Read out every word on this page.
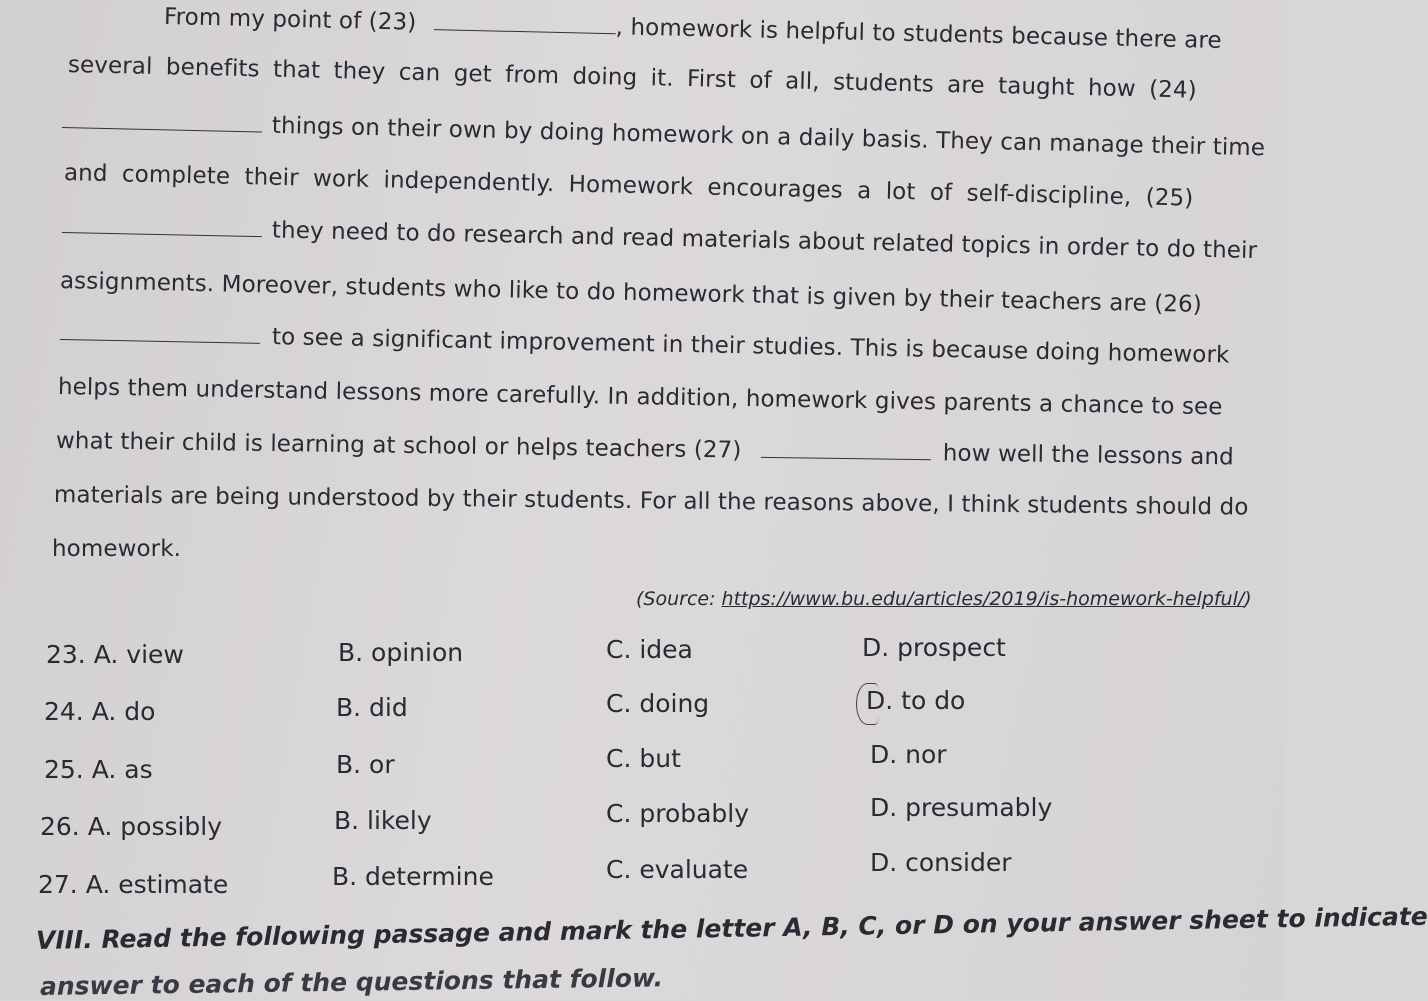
From my point of (23)	, homework is helpful to students because there are
several benefits that they can get from doing it. First of all, students are taught how (24)
things on their own by doing homework on a daily basis. They can manage their time
and complete their work independently. Homework encourages a lot of self-discipline, (25)
they need to do research and read materials about related topics in order to do their
assignments. Moreover, students who like to do homework that is given by their teachers are (26)
to see a significant improvement in their studies. This is because doing homework
helps them understand lessons more carefully. In addition, homework gives parents a chance to see
what their child is learning at school or helps teachers (27)	how well the lessons and
materials are being understood by their students. For all the reasons above, I think students should do
homework.
(Source: https://www.bu.edu/articles/2019/is-homework-helpful/)
23. A. view	B. opinion	C. idea	D. prospect
24. A. do	B. did	C. doing	D. to do
25. A. as	B. or	C. but	D. nor
26. A. possibly	B. likely	C. probably	D. presumably
27. A. estimate	B. determine	C. evaluate	D. consider
VIII. Read the following passage and mark the letter A, B, C, or D on your answer sheet to indicate
answer to each of the questions that follow.
